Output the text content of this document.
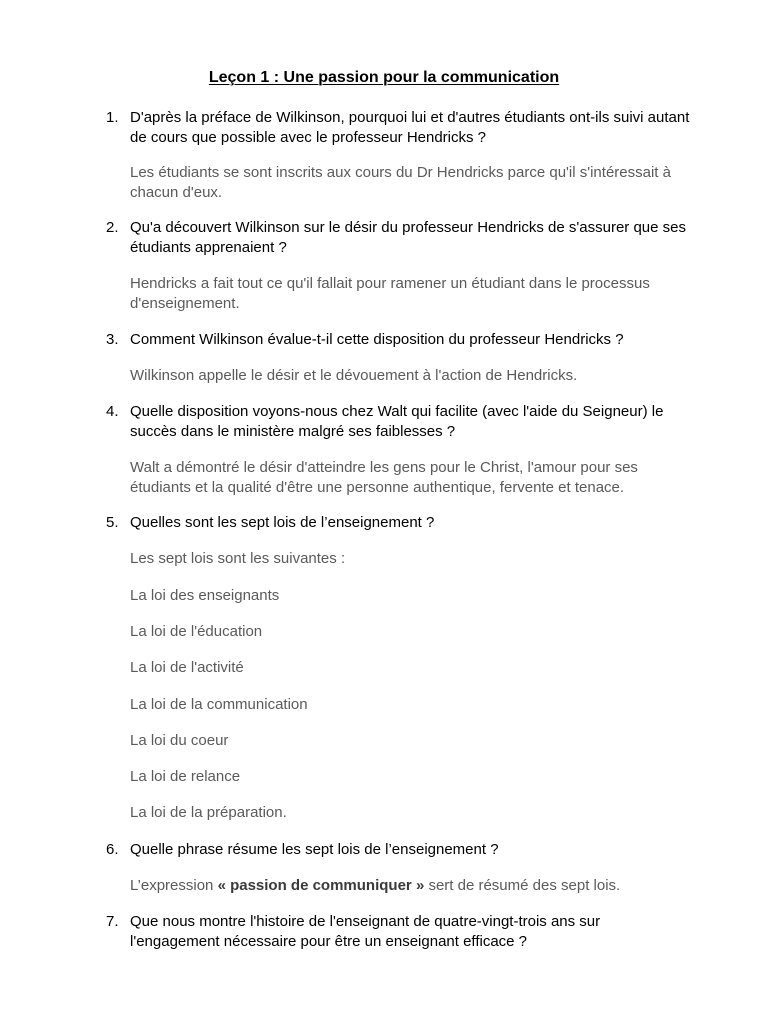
Leçon 1 : Une passion pour la communication
1. D'après la préface de Wilkinson, pourquoi lui et d'autres étudiants ont-ils suivi autant de cours que possible avec le professeur Hendricks ?
Les étudiants se sont inscrits aux cours du Dr Hendricks parce qu'il s'intéressait à chacun d'eux.
2. Qu'a découvert Wilkinson sur le désir du professeur Hendricks de s'assurer que ses étudiants apprenaient ?
Hendricks a fait tout ce qu'il fallait pour ramener un étudiant dans le processus d'enseignement.
3. Comment Wilkinson évalue-t-il cette disposition du professeur Hendricks ?
Wilkinson appelle le désir et le dévouement à l'action de Hendricks.
4. Quelle disposition voyons-nous chez Walt qui facilite (avec l'aide du Seigneur) le succès dans le ministère malgré ses faiblesses ?
Walt a démontré le désir d'atteindre les gens pour le Christ, l'amour pour ses étudiants et la qualité d'être une personne authentique, fervente et tenace.
5. Quelles sont les sept lois de l’enseignement ?
Les sept lois sont les suivantes :
La loi des enseignants
La loi de l'éducation
La loi de l'activité
La loi de la communication
La loi du coeur
La loi de relance
La loi de la préparation.
6. Quelle phrase résume les sept lois de l’enseignement ?
L’expression « passion de communiquer » sert de résumé des sept lois.
7. Que nous montre l'histoire de l'enseignant de quatre-vingt-trois ans sur l'engagement nécessaire pour être un enseignant efficace ?
